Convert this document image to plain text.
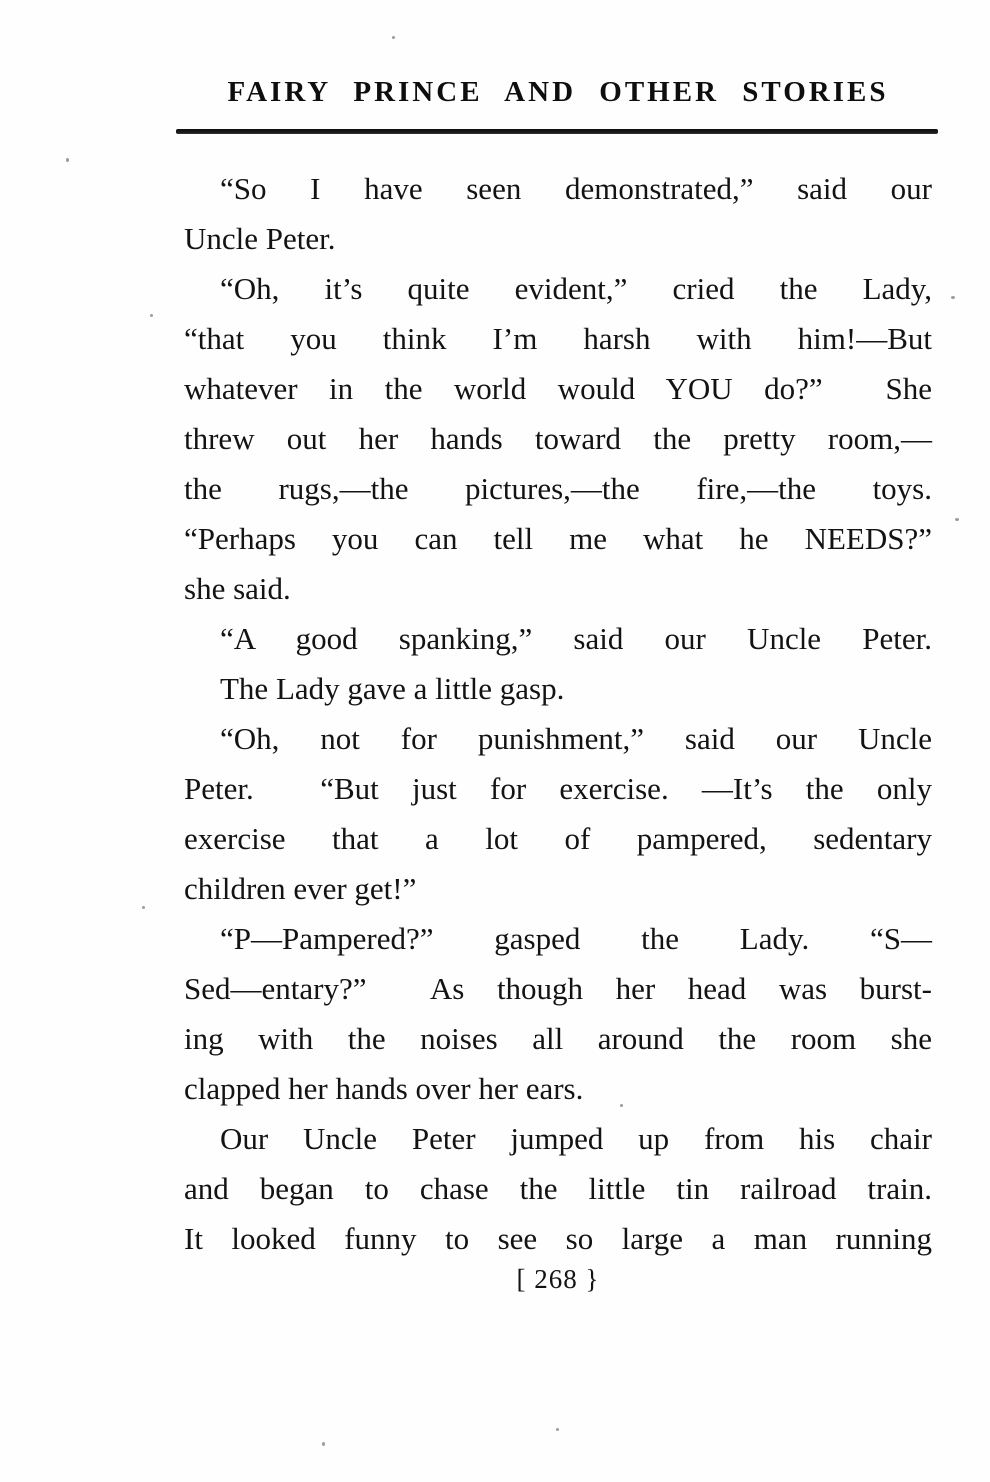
FAIRY PRINCE AND OTHER STORIES
“So I have seen demonstrated,” said our
Uncle Peter.
“Oh, it’s quite evident,” cried the Lady,
“that you think I’m harsh with him!—But
whatever in the world would YOU do?”  She
threw out her hands toward the pretty room,—
the rugs,—the pictures,—the fire,—the toys.
“Perhaps you can tell me what he NEEDS?”
she said.
“A good spanking,” said our Uncle Peter.
The Lady gave a little gasp.
“Oh, not for punishment,” said our Uncle
Peter.  “But just for exercise. —It’s the only
exercise that a lot of pampered, sedentary
children ever get!”
“P—Pampered?” gasped the Lady. “S—
Sed—entary?”  As though her head was burst-
ing with the noises all around the room she
clapped her hands over her ears.
Our Uncle Peter jumped up from his chair
and began to chase the little tin railroad train.
It looked funny to see so large a man running
[ 268 }
